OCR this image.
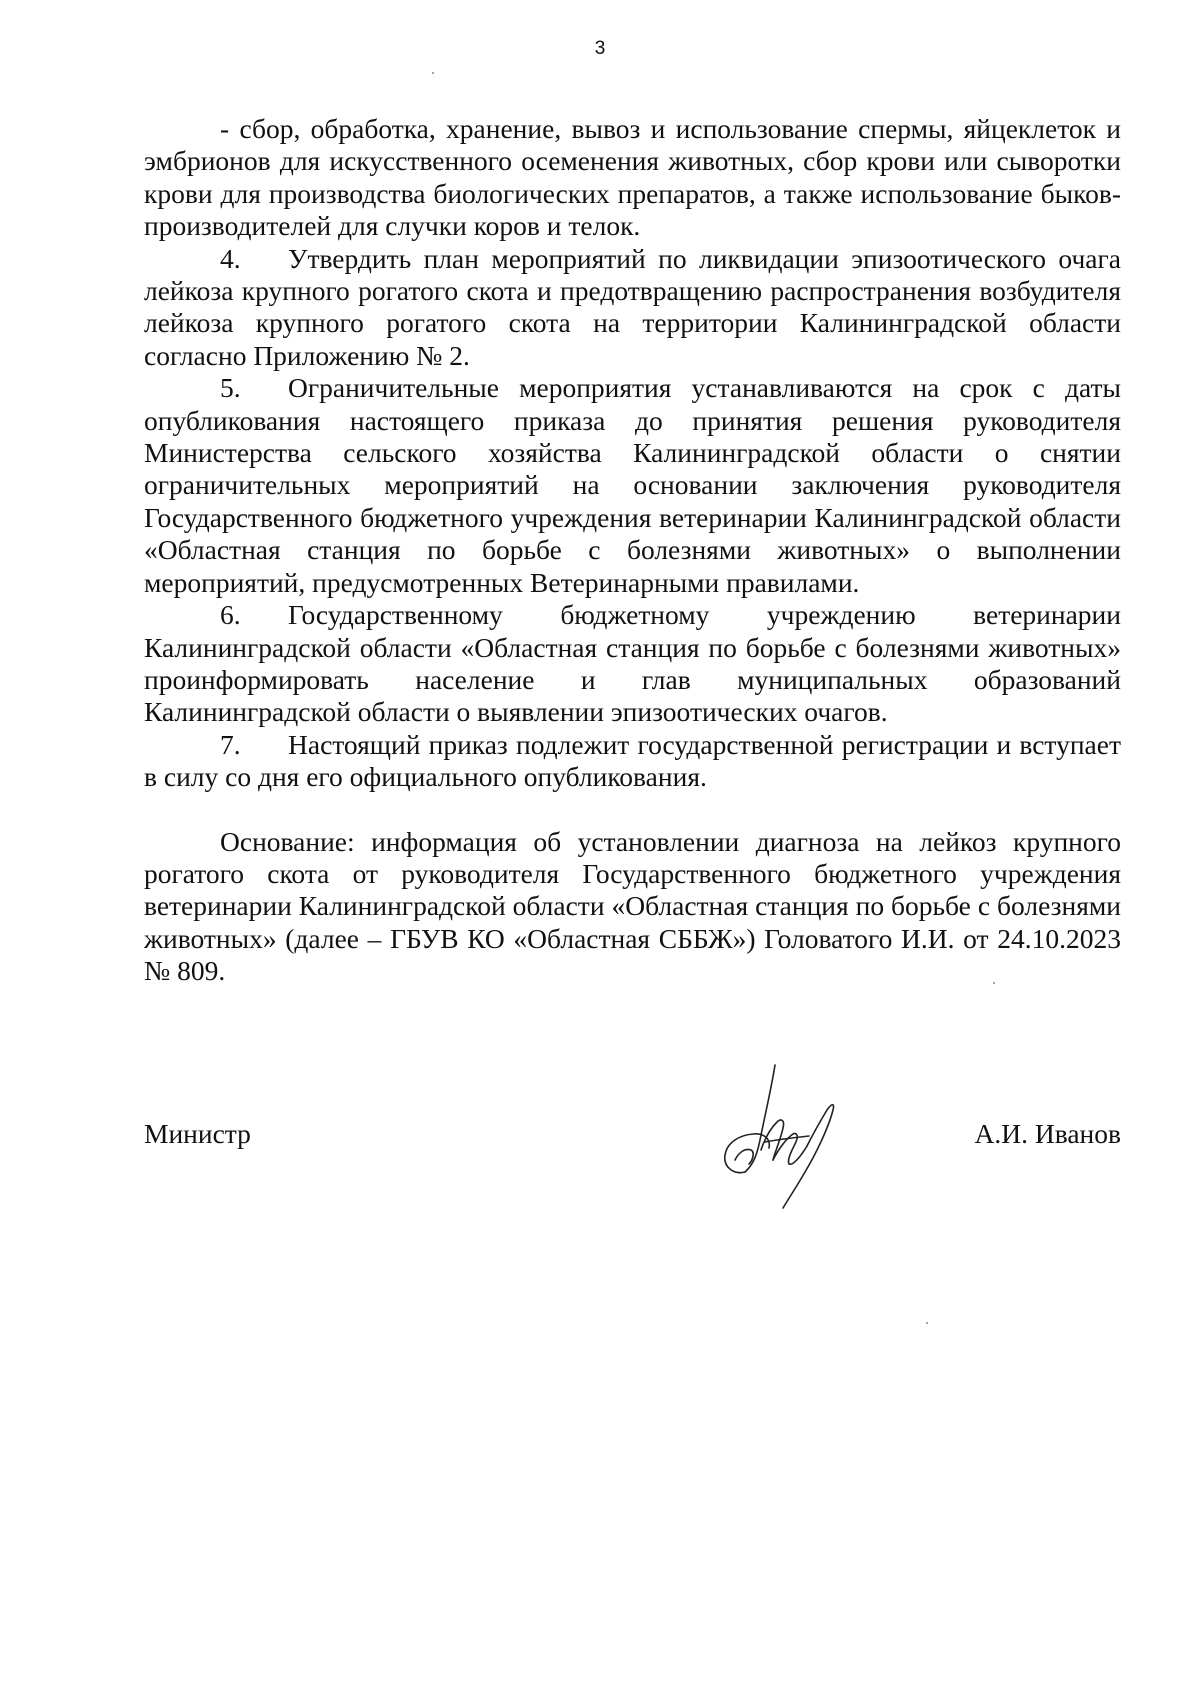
3

- сбор, обработка, хранение, вывоз и использование спермы, яйцеклеток и эмбрионов для искусственного осеменения животных, сбор крови или сыворотки крови для производства биологических препаратов, а также использование быков-производителей для случки коров и телок.

4. Утвердить план мероприятий по ликвидации эпизоотического очага лейкоза крупного рогатого скота и предотвращению распространения возбудителя лейкоза крупного рогатого скота на территории Калининградской области согласно Приложению № 2.

5. Ограничительные мероприятия устанавливаются на срок с даты опубликования настоящего приказа до принятия решения руководителя Министерства сельского хозяйства Калининградской области о снятии ограничительных мероприятий на основании заключения руководителя Государственного бюджетного учреждения ветеринарии Калининградской области «Областная станция по борьбе с болезнями животных» о выполнении мероприятий, предусмотренных Ветеринарными правилами.

6. Государственному бюджетному учреждению ветеринарии Калининградской области «Областная станция по борьбе с болезнями животных» проинформировать население и глав муниципальных образований Калининградской области о выявлении эпизоотических очагов.

7. Настоящий приказ подлежит государственной регистрации и вступает в силу со дня его официального опубликования.

Основание: информация об установлении диагноза на лейкоз крупного рогатого скота от руководителя Государственного бюджетного учреждения ветеринарии Калининградской области «Областная станция по борьбе с болезнями животных» (далее – ГБУВ КО «Областная СББЖ») Головатого И.И. от 24.10.2023 № 809.

Министр	А.И. Иванов
